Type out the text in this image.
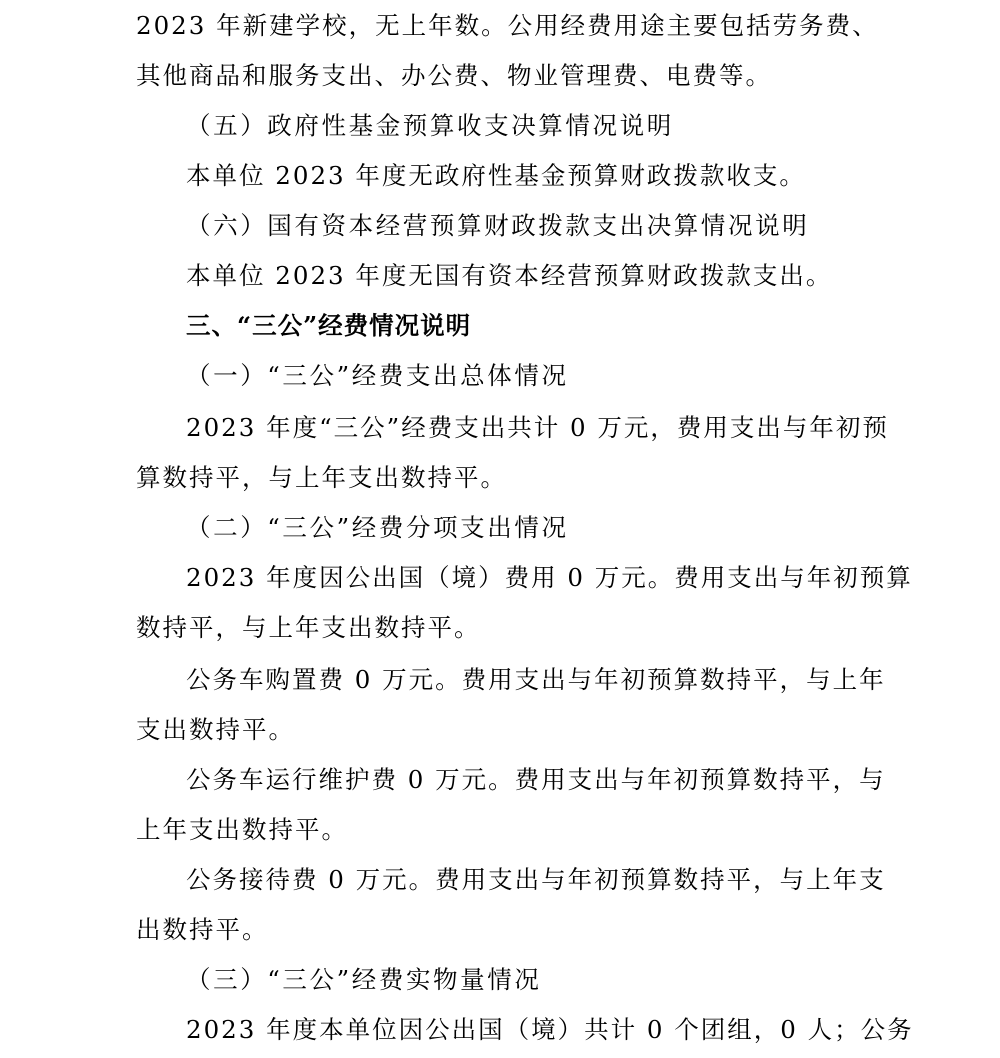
2023 年新建学校，无上年数。公用经费用途主要包括劳务费、
其他商品和服务支出、办公费、物业管理费、电费等。
（五）政府性基金预算收支决算情况说明
本单位 2023 年度无政府性基金预算财政拨款收支。
（六）国有资本经营预算财政拨款支出决算情况说明
本单位 2023 年度无国有资本经营预算财政拨款支出。
三、“三公”经费情况说明
（一）“三公”经费支出总体情况
2023 年度“三公”经费支出共计 0 万元，费用支出与年初预
算数持平，与上年支出数持平。
（二）“三公”经费分项支出情况
2023 年度因公出国（境）费用 0 万元。费用支出与年初预算
数持平，与上年支出数持平。
公务车购置费 0 万元。费用支出与年初预算数持平，与上年
支出数持平。
公务车运行维护费 0 万元。费用支出与年初预算数持平，与
上年支出数持平。
公务接待费 0 万元。费用支出与年初预算数持平，与上年支
出数持平。
（三）“三公”经费实物量情况
2023 年度本单位因公出国（境）共计 0 个团组，0 人；公务
